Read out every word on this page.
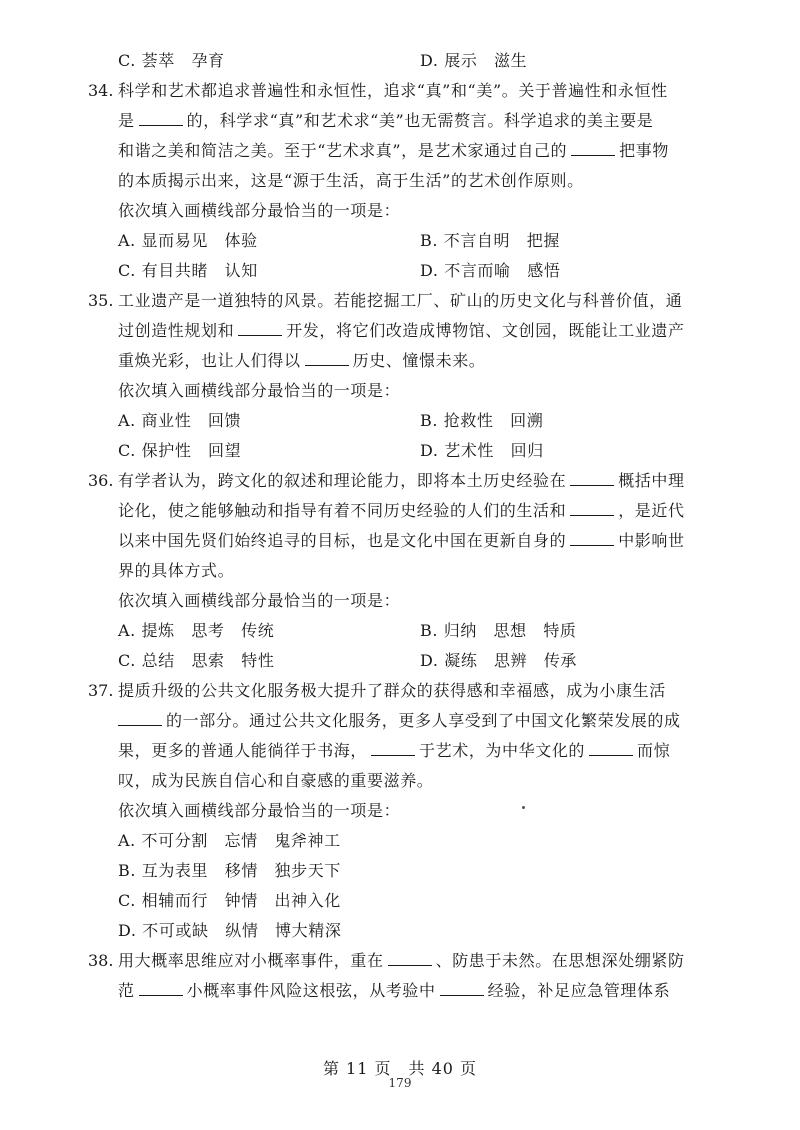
C. 荟萃　孕育	D. 展示　滋生
34. 科学和艺术都追求普遍性和永恒性，追求“真”和“美”。关于普遍性和永恒性
是	的，科学求“真”和艺术求“美”也无需赘言。科学追求的美主要是
和谐之美和简洁之美。至于“艺术求真”，是艺术家通过自己的	把事物
的本质揭示出来，这是“源于生活，高于生活”的艺术创作原则。
依次填入画横线部分最恰当的一项是：
A. 显而易见　体验	B. 不言自明　把握
C. 有目共睹　认知	D. 不言而喻　感悟
35. 工业遗产是一道独特的风景。若能挖掘工厂、矿山的历史文化与科普价值，通
过创造性规划和	开发，将它们改造成博物馆、文创园，既能让工业遗产
重焕光彩，也让人们得以	历史、憧憬未来。
依次填入画横线部分最恰当的一项是：
A. 商业性　回馈	B. 抢救性　回溯
C. 保护性　回望	D. 艺术性　回归
36. 有学者认为，跨文化的叙述和理论能力，即将本土历史经验在	概括中理
论化，使之能够触动和指导有着不同历史经验的人们的生活和	，是近代
以来中国先贤们始终追寻的目标，也是文化中国在更新自身的	中影响世
界的具体方式。
依次填入画横线部分最恰当的一项是：
A. 提炼　思考　传统	B. 归纳　思想　特质
C. 总结　思索　特性	D. 凝练　思辨　传承
37. 提质升级的公共文化服务极大提升了群众的获得感和幸福感，成为小康生活
的一部分。通过公共文化服务，更多人享受到了中国文化繁荣发展的成
果，更多的普通人能徜徉于书海，	于艺术，为中华文化的	而惊
叹，成为民族自信心和自豪感的重要滋养。
依次填入画横线部分最恰当的一项是：
A. 不可分割　忘情　鬼斧神工
B. 互为表里　移情　独步天下
C. 相辅而行　钟情　出神入化
D. 不可或缺　纵情　博大精深
38. 用大概率思维应对小概率事件，重在	、防患于未然。在思想深处绷紧防
范	小概率事件风险这根弦，从考验中	经验，补足应急管理体系
第 11 页　共 40 页
179
